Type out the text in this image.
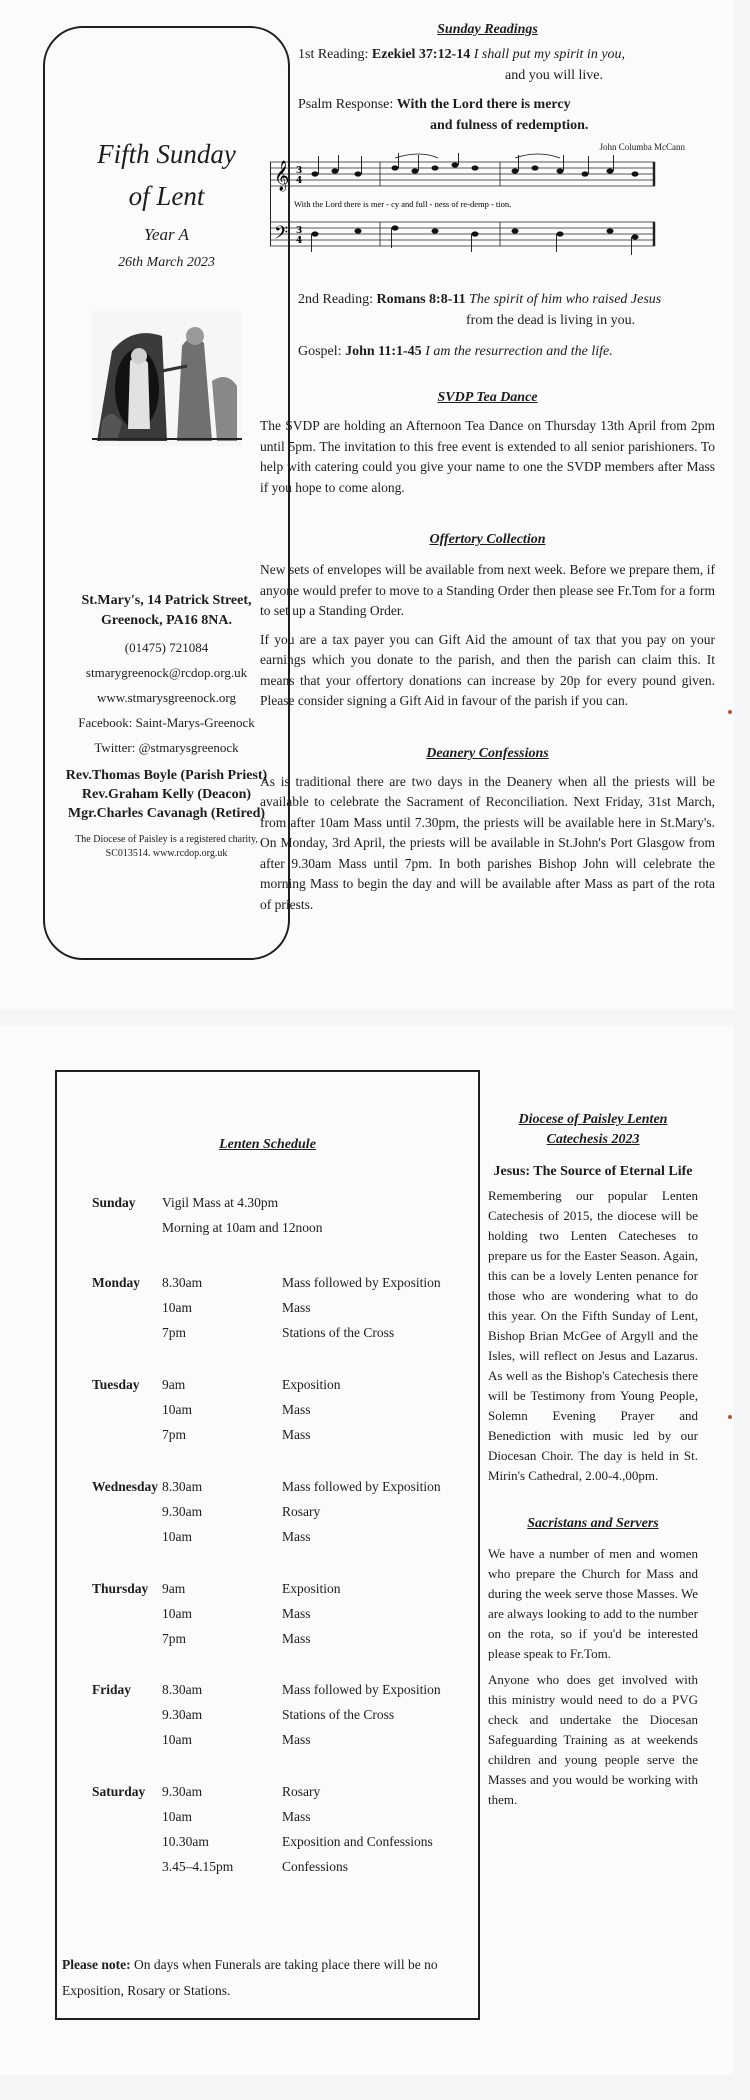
Fifth Sunday
of Lent
Year A
26th March 2023
St.Mary's, 14 Patrick Street,
Greenock, PA16 8NA.
(01475) 721084
stmarygreenock@rcdop.org.uk
www.stmarysgreenock.org
Facebook: Saint-Marys-Greenock
Twitter: @stmarysgreenock
Rev.Thomas Boyle (Parish Priest)
Rev.Graham Kelly (Deacon)
Mgr.Charles Cavanagh (Retired)
The Diocese of Paisley is a registered charity,
SC013514. www.rcdop.org.uk
Sunday Readings
1st Reading: Ezekiel 37:12-14 I shall put my spirit in you,
and you will live.
Psalm Response: With the Lord there is mercy
and fulness of redemption.
John Columba McCann
𝄞
𝄢
3
4
3
4
With the Lord there is mer - cy and full - ness of re-demp - tion.
2nd Reading: Romans 8:8-11 The spirit of him who raised Jesus
from the dead is living in you.
Gospel: John 11:1-45 I am the resurrection and the life.
SVDP Tea Dance
The SVDP are holding an Afternoon Tea Dance on Thursday 13th April from 2pm until 5pm. The invitation to this free event is extended to all senior parishioners. To help with catering could you give your name to one the SVDP members after Mass if you hope to come along.
Offertory Collection
New sets of envelopes will be available from next week. Before we prepare them, if anyone would prefer to move to a Standing Order then please see Fr.Tom for a form to set up a Standing Order.
If you are a tax payer you can Gift Aid the amount of tax that you pay on your earnings which you donate to the parish, and then the parish can claim this. It means that your offertory donations can increase by 20p for every pound given. Please consider signing a Gift Aid in favour of the parish if you can.
Deanery Confessions
As is traditional there are two days in the Deanery when all the priests will be available to celebrate the Sacrament of Reconciliation. Next Friday, 31st March, from after 10am Mass until 7.30pm, the priests will be available here in St.Mary's. On Monday, 3rd April, the priests will be available in St.John's Port Glasgow from after 9.30am Mass until 7pm. In both parishes Bishop John will celebrate the morning Mass to begin the day and will be available after Mass as part of the rota of priests.
Lenten Schedule
Sunday	Vigil Mass at 4.30pm
Morning at 10am and 12noon
Monday	8.30am	Mass followed by Exposition
10am	Mass
7pm	Stations of the Cross
Tuesday	9am	Exposition
10am	Mass
7pm	Mass
Wednesday 8.30am	Mass followed by Exposition
9.30am	Rosary
10am	Mass
Thursday	9am	Exposition
10am	Mass
7pm	Mass
Friday	8.30am	Mass followed by Exposition
9.30am	Stations of the Cross
10am	Mass
Saturday	9.30am	Rosary
10am	Mass
10.30am	Exposition and Confessions
3.45–4.15pm	Confessions
Please note: On days when Funerals are taking place there will be no Exposition, Rosary or Stations.
Diocese of Paisley Lenten
Catechesis 2023
Jesus: The Source of Eternal Life
Remembering our popular Lenten Catechesis of 2015, the diocese will be holding two Lenten Catecheses to prepare us for the Easter Season. Again, this can be a lovely Lenten penance for those who are wondering what to do this year. On the Fifth Sunday of Lent, Bishop Brian McGee of Argyll and the Isles, will reflect on Jesus and Lazarus. As well as the Bishop's Catechesis there will be Testimony from Young People, Solemn Evening Prayer and Benediction with music led by our Diocesan Choir. The day is held in St. Mirin's Cathedral, 2.00-4.,00pm.
Sacristans and Servers
We have a number of men and women who prepare the Church for Mass and during the week serve those Masses. We are always looking to add to the number on the rota, so if you'd be interested please speak to Fr.Tom.
Anyone who does get involved with this ministry would need to do a PVG check and undertake the Diocesan Safeguarding Training as at weekends children and young people serve the Masses and you would be working with them.
